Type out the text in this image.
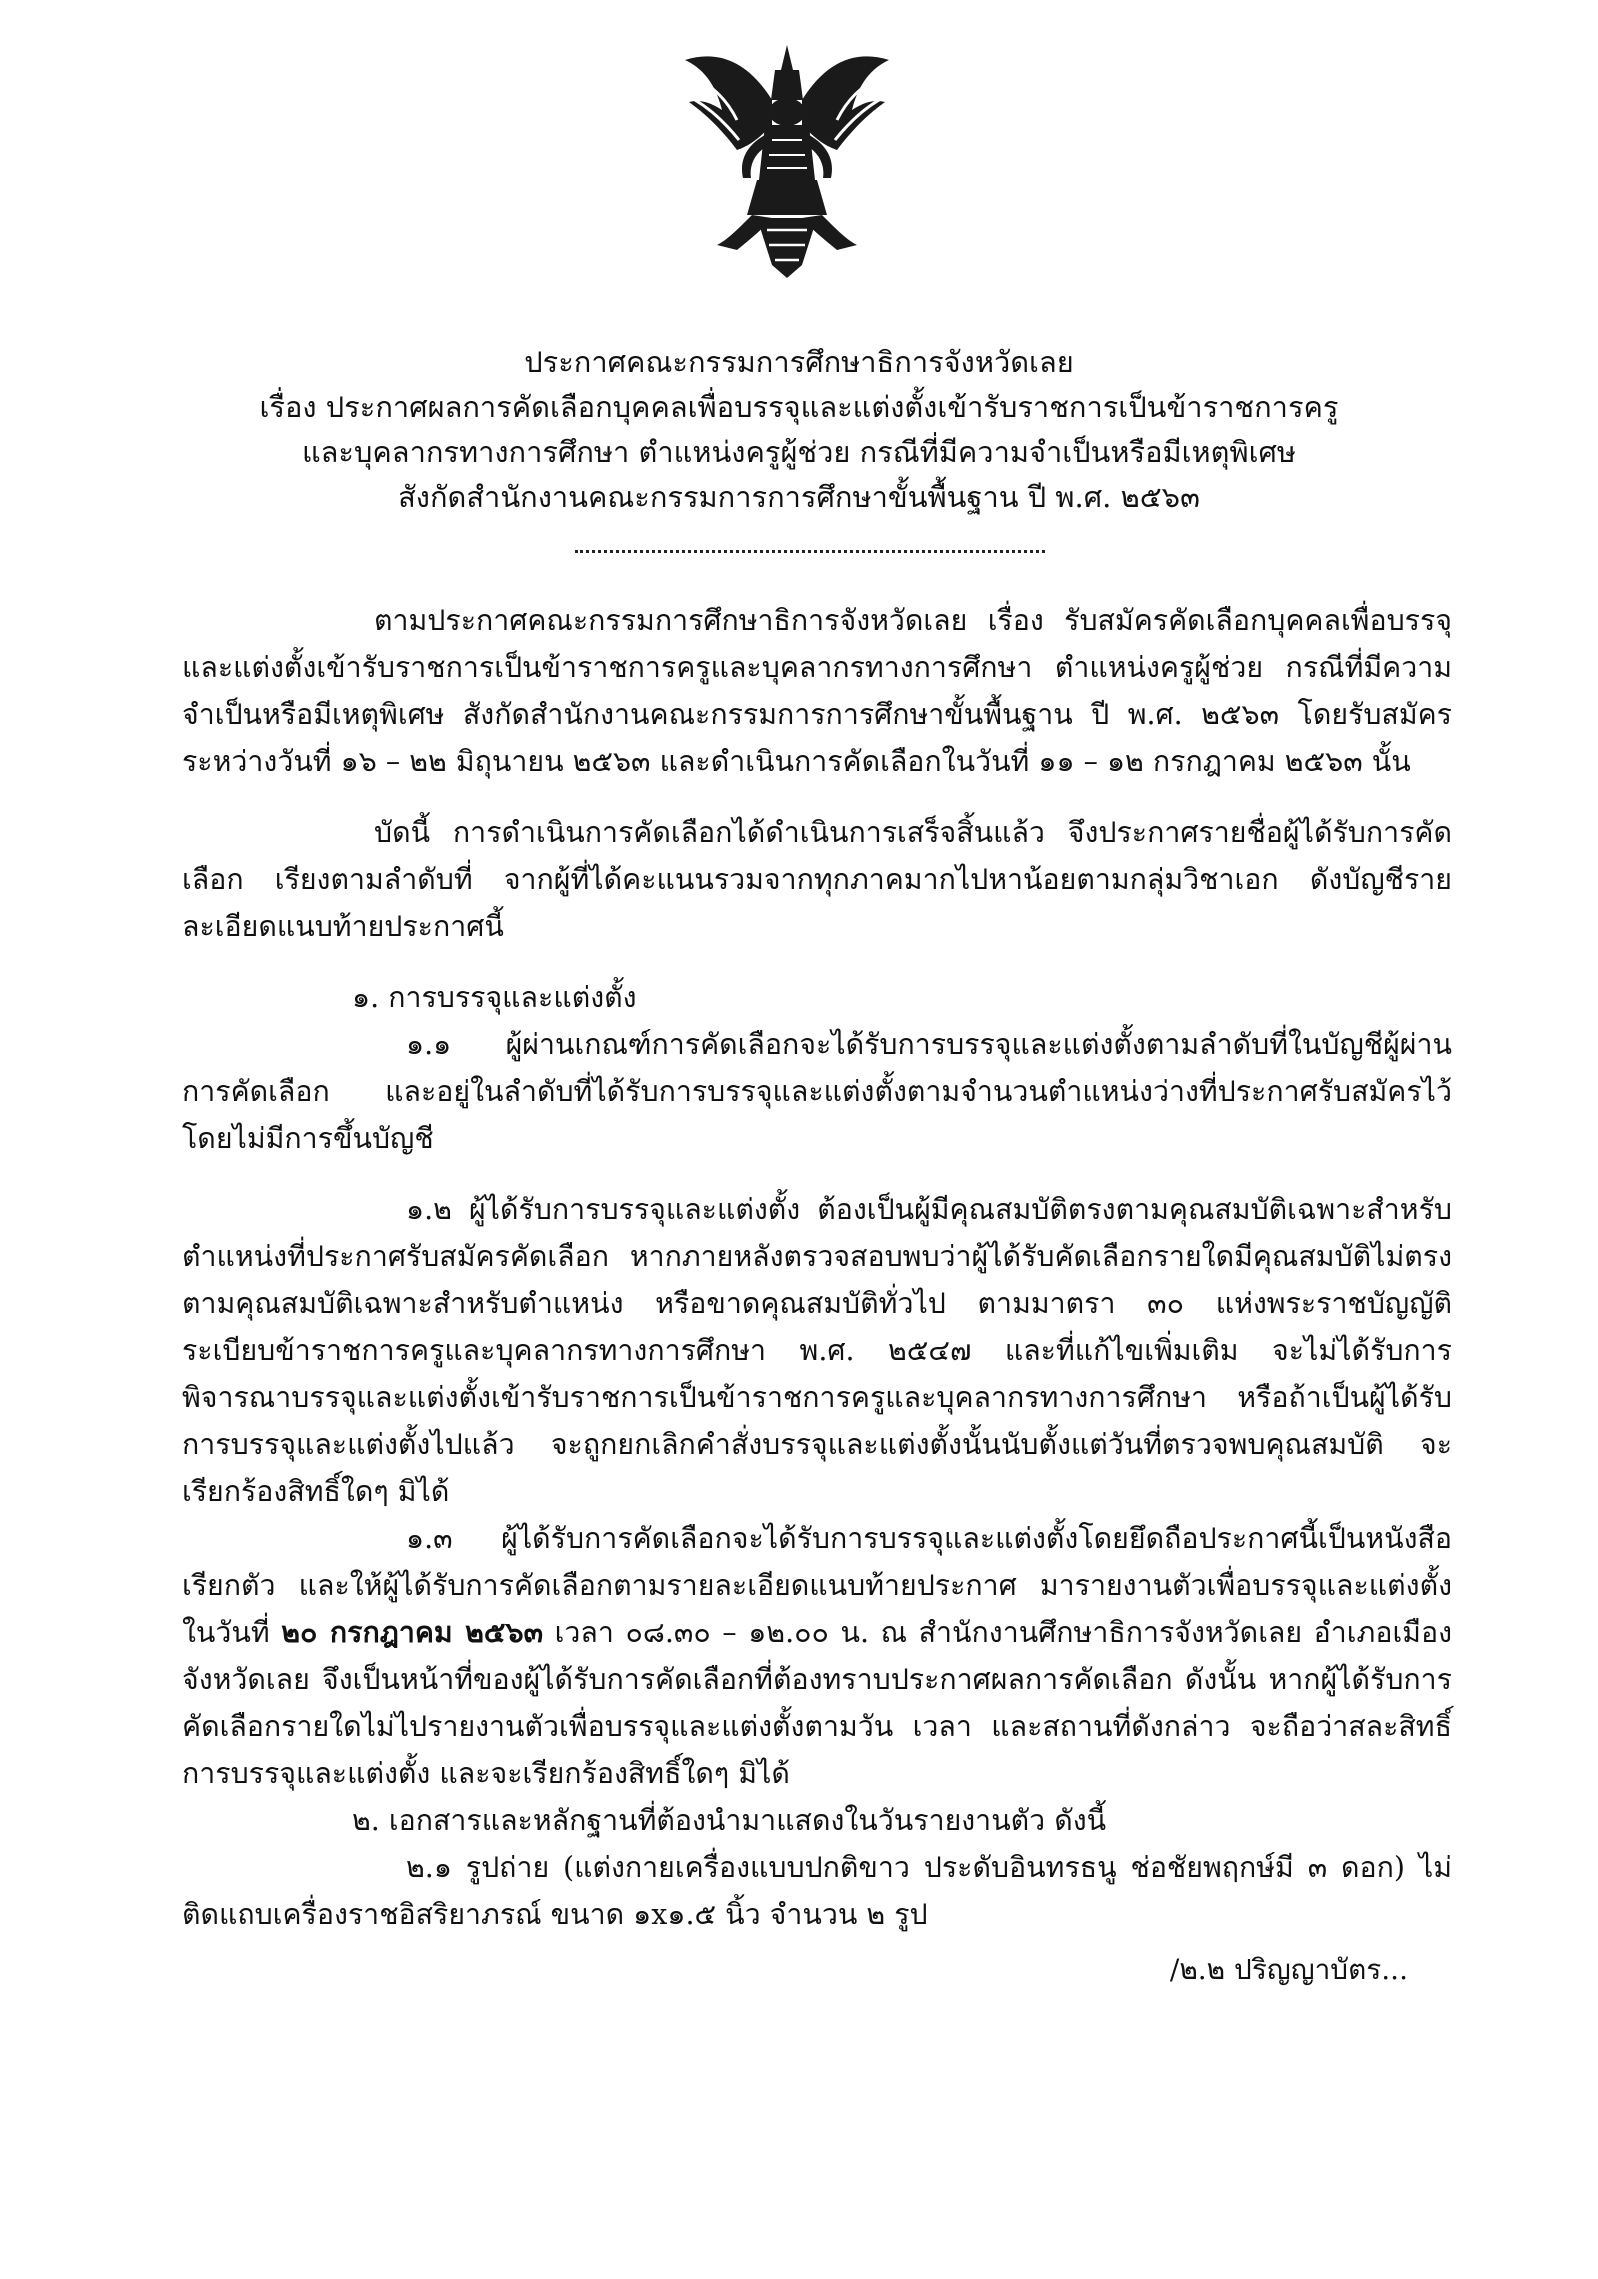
ประกาศคณะกรรมการศึกษาธิการจังหวัดเลย
เรื่อง ประกาศผลการคัดเลือกบุคคลเพื่อบรรจุและแต่งตั้งเข้ารับราชการเป็นข้าราชการครู
และบุคลากรทางการศึกษา ตำแหน่งครูผู้ช่วย กรณีที่มีความจำเป็นหรือมีเหตุพิเศษ
สังกัดสำนักงานคณะกรรมการการศึกษาขั้นพื้นฐาน ปี พ.ศ. ๒๕๖๓

ตามประกาศคณะกรรมการศึกษาธิการจังหวัดเลย เรื่อง รับสมัครคัดเลือกบุคคลเพื่อบรรจุและแต่งตั้งเข้ารับราชการเป็นข้าราชการครูและบุคลากรทางการศึกษา ตำแหน่งครูผู้ช่วย กรณีที่มีความจำเป็นหรือมีเหตุพิเศษ สังกัดสำนักงานคณะกรรมการการศึกษาขั้นพื้นฐาน ปี พ.ศ. ๒๕๖๓ โดยรับสมัครระหว่างวันที่ ๑๖ – ๒๒ มิถุนายน ๒๕๖๓ และดำเนินการคัดเลือกในวันที่ ๑๑ – ๑๒ กรกฎาคม ๒๕๖๓ นั้น

บัดนี้ การดำเนินการคัดเลือกได้ดำเนินการเสร็จสิ้นแล้ว จึงประกาศรายชื่อผู้ได้รับการคัดเลือก เรียงตามลำดับที่ จากผู้ที่ได้คะแนนรวมจากทุกภาคมากไปหาน้อยตามกลุ่มวิชาเอก ดังบัญชีรายละเอียดแนบท้ายประกาศนี้

๑. การบรรจุและแต่งตั้ง

๑.๑ ผู้ผ่านเกณฑ์การคัดเลือกจะได้รับการบรรจุและแต่งตั้งตามลำดับที่ในบัญชีผู้ผ่านการคัดเลือก และอยู่ในลำดับที่ได้รับการบรรจุและแต่งตั้งตามจำนวนตำแหน่งว่างที่ประกาศรับสมัครไว้โดยไม่มีการขึ้นบัญชี

๑.๒ ผู้ได้รับการบรรจุและแต่งตั้ง ต้องเป็นผู้มีคุณสมบัติตรงตามคุณสมบัติเฉพาะสำหรับตำแหน่งที่ประกาศรับสมัครคัดเลือก หากภายหลังตรวจสอบพบว่าผู้ได้รับคัดเลือกรายใดมีคุณสมบัติไม่ตรงตามคุณสมบัติเฉพาะสำหรับตำแหน่ง หรือขาดคุณสมบัติทั่วไป ตามมาตรา ๓๐ แห่งพระราชบัญญัติระเบียบข้าราชการครูและบุคลากรทางการศึกษา พ.ศ. ๒๕๔๗ และที่แก้ไขเพิ่มเติม จะไม่ได้รับการพิจารณาบรรจุและแต่งตั้งเข้ารับราชการเป็นข้าราชการครูและบุคลากรทางการศึกษา หรือถ้าเป็นผู้ได้รับการบรรจุและแต่งตั้งไปแล้ว จะถูกยกเลิกคำสั่งบรรจุและแต่งตั้งนั้นนับตั้งแต่วันที่ตรวจพบคุณสมบัติ จะเรียกร้องสิทธิ์ใดๆ มิได้

๑.๓ ผู้ได้รับการคัดเลือกจะได้รับการบรรจุและแต่งตั้งโดยยึดถือประกาศนี้เป็นหนังสือเรียกตัว และให้ผู้ได้รับการคัดเลือกตามรายละเอียดแนบท้ายประกาศ มารายงานตัวเพื่อบรรจุและแต่งตั้งในวันที่ ๒๐ กรกฎาคม ๒๕๖๓ เวลา ๐๘.๓๐ – ๑๒.๐๐ น. ณ สำนักงานศึกษาธิการจังหวัดเลย อำเภอเมือง จังหวัดเลย จึงเป็นหน้าที่ของผู้ได้รับการคัดเลือกที่ต้องทราบประกาศผลการคัดเลือก ดังนั้น หากผู้ได้รับการคัดเลือกรายใดไม่ไปรายงานตัวเพื่อบรรจุและแต่งตั้งตามวัน เวลา และสถานที่ดังกล่าว จะถือว่าสละสิทธิ์การบรรจุและแต่งตั้ง และจะเรียกร้องสิทธิ์ใดๆ มิได้

๒. เอกสารและหลักฐานที่ต้องนำมาแสดงในวันรายงานตัว ดังนี้

๒.๑ รูปถ่าย (แต่งกายเครื่องแบบปกติขาว ประดับอินทรธนู ช่อชัยพฤกษ์มี ๓ ดอก) ไม่ติดแถบเครื่องราชอิสริยาภรณ์ ขนาด ๑x๑.๕ นิ้ว จำนวน ๒ รูป

/๒.๒ ปริญญาบัตร...
